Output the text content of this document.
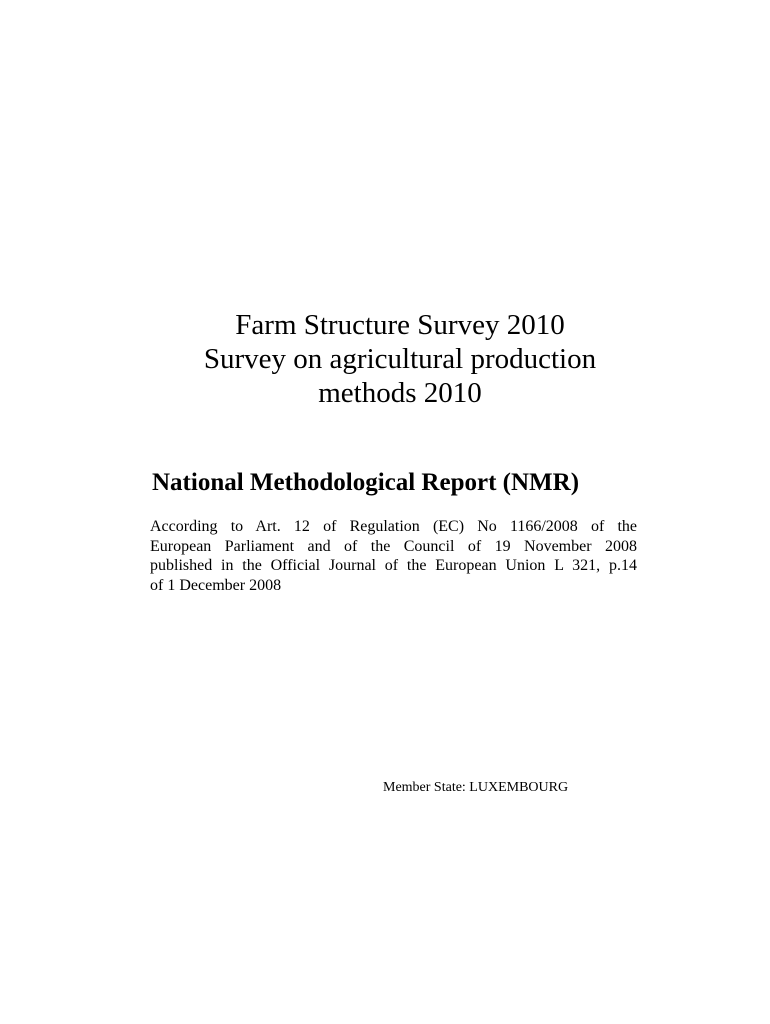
Farm Structure Survey 2010
Survey on agricultural production
methods 2010
National Methodological Report (NMR)
According to Art. 12 of Regulation (EC) No 1166/2008 of the
European Parliament and of the Council of 19 November 2008
published in the Official Journal of the European Union L 321, p.14
of 1 December 2008
Member State: LUXEMBOURG
